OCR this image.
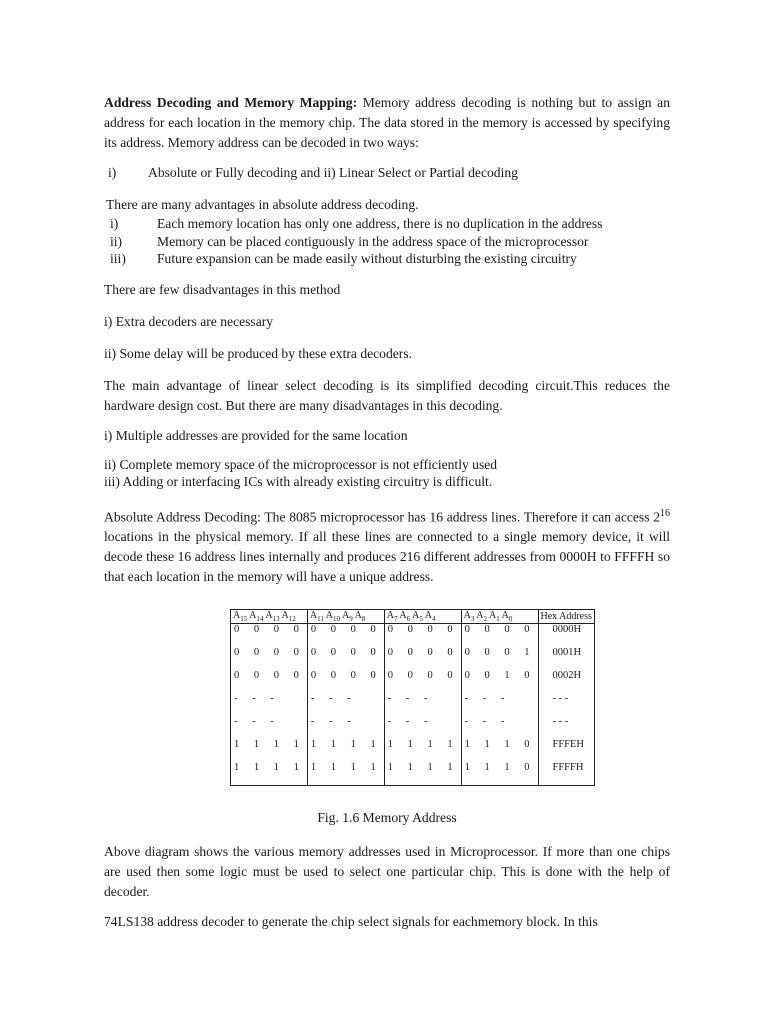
Address Decoding and Memory Mapping: Memory address decoding is nothing but to assign an address for each location in the memory chip. The data stored in the memory is accessed by specifying its address. Memory address can be decoded in two ways:

i)	Absolute or Fully decoding and ii) Linear Select or Partial decoding

There are many advantages in absolute address decoding.

i)	Each memory location has only one address, there is no duplication in the address
ii)	Memory can be placed contiguously in the address space of the microprocessor
iii)	Future expansion can be made easily without disturbing the existing circuitry

There are few disadvantages in this method

i) Extra decoders are necessary

ii) Some delay will be produced by these extra decoders.

The main advantage of linear select decoding is its simplified decoding circuit.This reduces the hardware design cost. But there are many disadvantages in this decoding.

i) Multiple addresses are provided for the same location

ii) Complete memory space of the microprocessor is not efficiently used

iii) Adding or interfacing ICs with already existing circuitry is difficult.

Absolute Address Decoding: The 8085 microprocessor has 16 address lines. Therefore it can access $2^{16}$ locations in the physical memory. If all these lines are connected to a single memory device, it will decode these 16 address lines internally and produces 216 different addresses from 0000H to FFFFH so that each location in the memory will have a unique address.

$A_{15}$ $A_{14}$ $A_{13}$ $A_{12}$	$A_{11}$ $A_{10}$ $A_9$ $A_8$	$A_7$ $A_6$ $A_5$ $A_4$	$A_3$ $A_2$ $A_1$ $A_0$	Hex Address
0 0 0 0	0 0 0 0	0 0 0 0	0 0 0 0	0000H
0 0 0 0	0 0 0 0	0 0 0 0	0 0 0 1	0001H
0 0 0 0	0 0 0 0	0 0 0 0	0 0 1 0	0002H
- - -	- - -	- - -	- - -	- - -
- - -	- - -	- - -	- - -	- - -
1 1 1 1	1 1 1 1	1 1 1 1	1 1 1 0	FFFEH
1 1 1 1	1 1 1 1	1 1 1 1	1 1 1 0	FFFFH

Fig. 1.6 Memory Address

Above diagram shows the various memory addresses used in Microprocessor. If more than one chips are used then some logic must be used to select one particular chip. This is done with the help of decoder.

74LS138 address decoder to generate the chip select signals for eachmemory block. In this
